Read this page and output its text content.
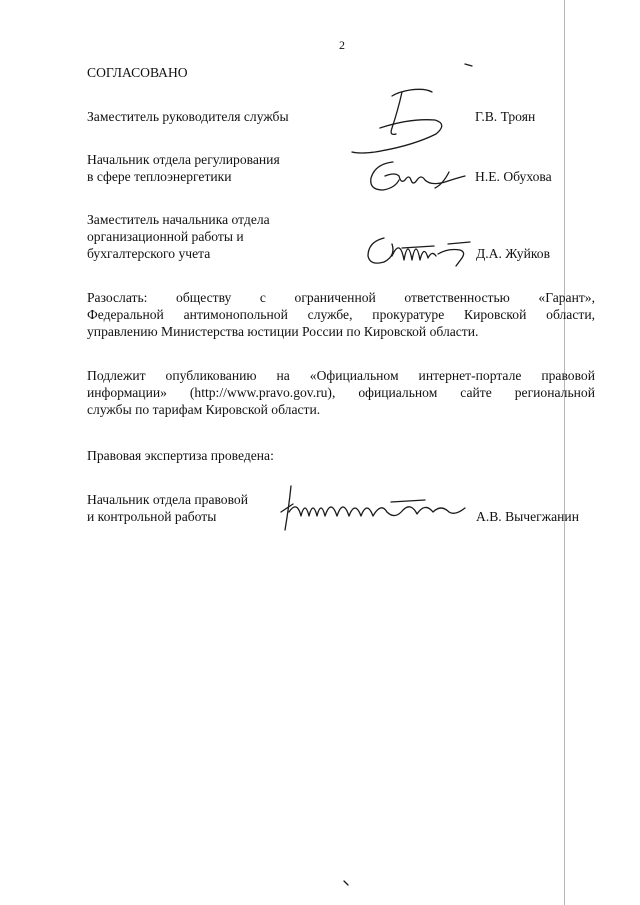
2
СОГЛАСОВАНО
Заместитель руководителя службы	Г.В. Троян
Начальник отдела регулирования
в сфере теплоэнергетики	Н.Е. Обухова
Заместитель начальника отдела
организационной работы и
бухгалтерского учета	Д.А. Жуйков
Разослать: обществу с ограниченной ответственностью «Гарант»,
Федеральной антимонопольной службе, прокуратуре Кировской области,
управлению Министерства юстиции России по Кировской области.
Подлежит опубликованию на «Официальном интернет-портале правовой
информации» (http://www.pravo.gov.ru), официальном сайте региональной
службы по тарифам Кировской области.
Правовая экспертиза проведена:
Начальник отдела правовой
и контрольной работы	А.В. Вычегжанин
